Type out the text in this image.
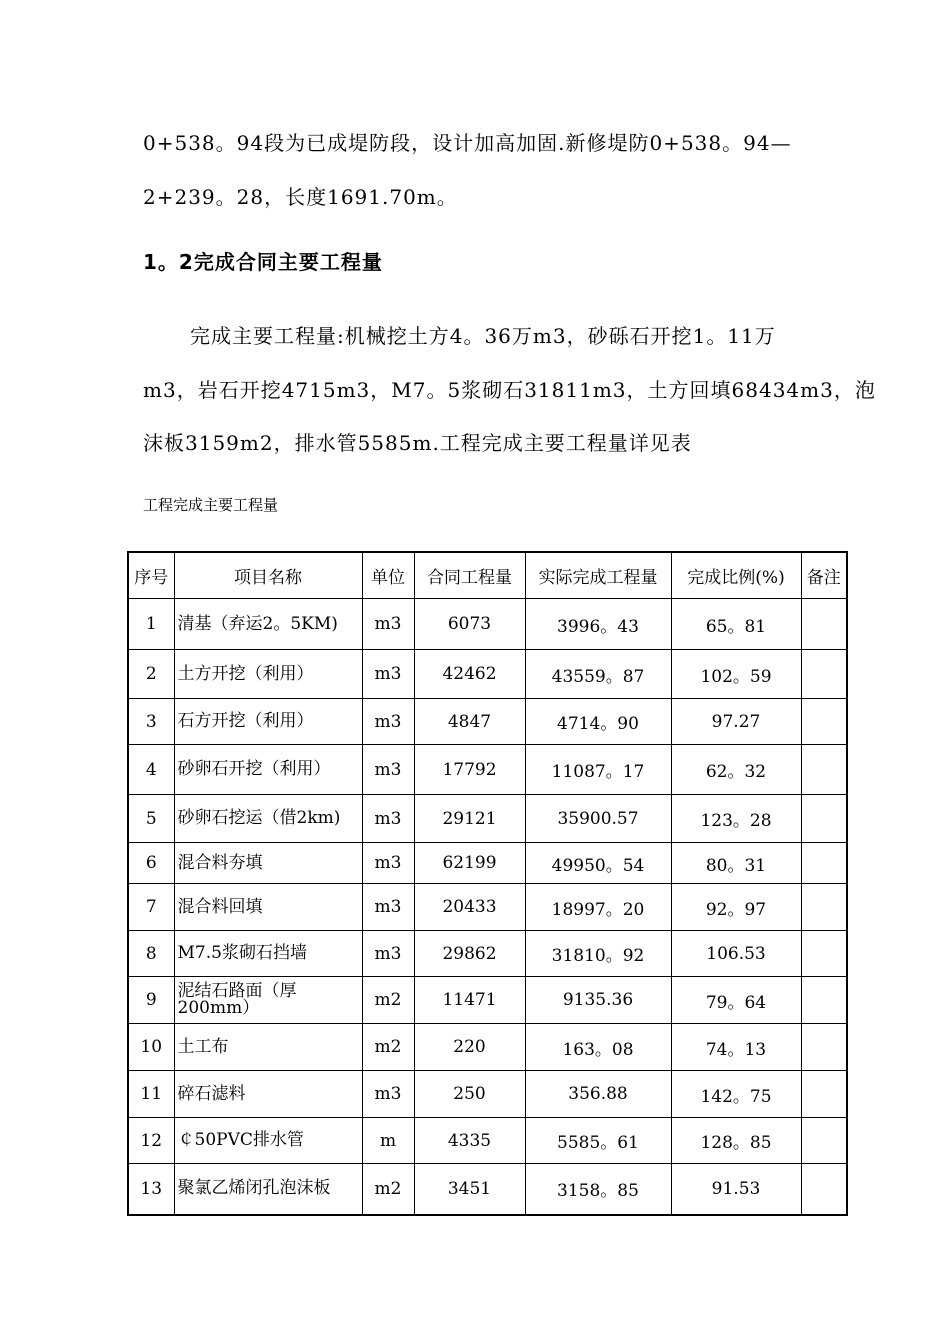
0+538。94段为已成堤防段，设计加高加固.新修堤防0+538。94—
2+239。28，长度1691.70m。
1。2完成合同主要工程量
完成主要工程量:机械挖土方4。36万m3，砂砾石开挖1。11万
m3，岩石开挖4715m3，M7。5浆砌石31811m3，土方回填68434m3，泡
沫板3159m2，排水管5585m.工程完成主要工程量详见表
工程完成主要工程量
序号	项目名称	单位	合同工程量	实际完成工程量	完成比例(%)	备注
1	清基（弃运2。5KM)	m3	6073	3996。43	65。81	
2	土方开挖（利用）	m3	42462	43559。87	102。59	
3	石方开挖（利用）	m3	4847	4714。90	97.27	
4	砂卵石开挖（利用）	m3	17792	11087。17	62。32	
5	砂卵石挖运（借2km)	m3	29121	35900.57	123。28	
6	混合料夯填	m3	62199	49950。54	80。31	
7	混合料回填	m3	20433	18997。20	92。97	
8	M7.5浆砌石挡墙	m3	29862	31810。92	106.53	
9	泥结石路面（厚200mm）	m2	11471	9135.36	79。64	
10	土工布	m2	220	163。08	74。13	
11	碎石滤料	m3	250	356.88	142。75	
12	￠50PVC排水管	m	4335	5585。61	128。85	
13	聚氯乙烯闭孔泡沫板	m2	3451	3158。85	91.53	
